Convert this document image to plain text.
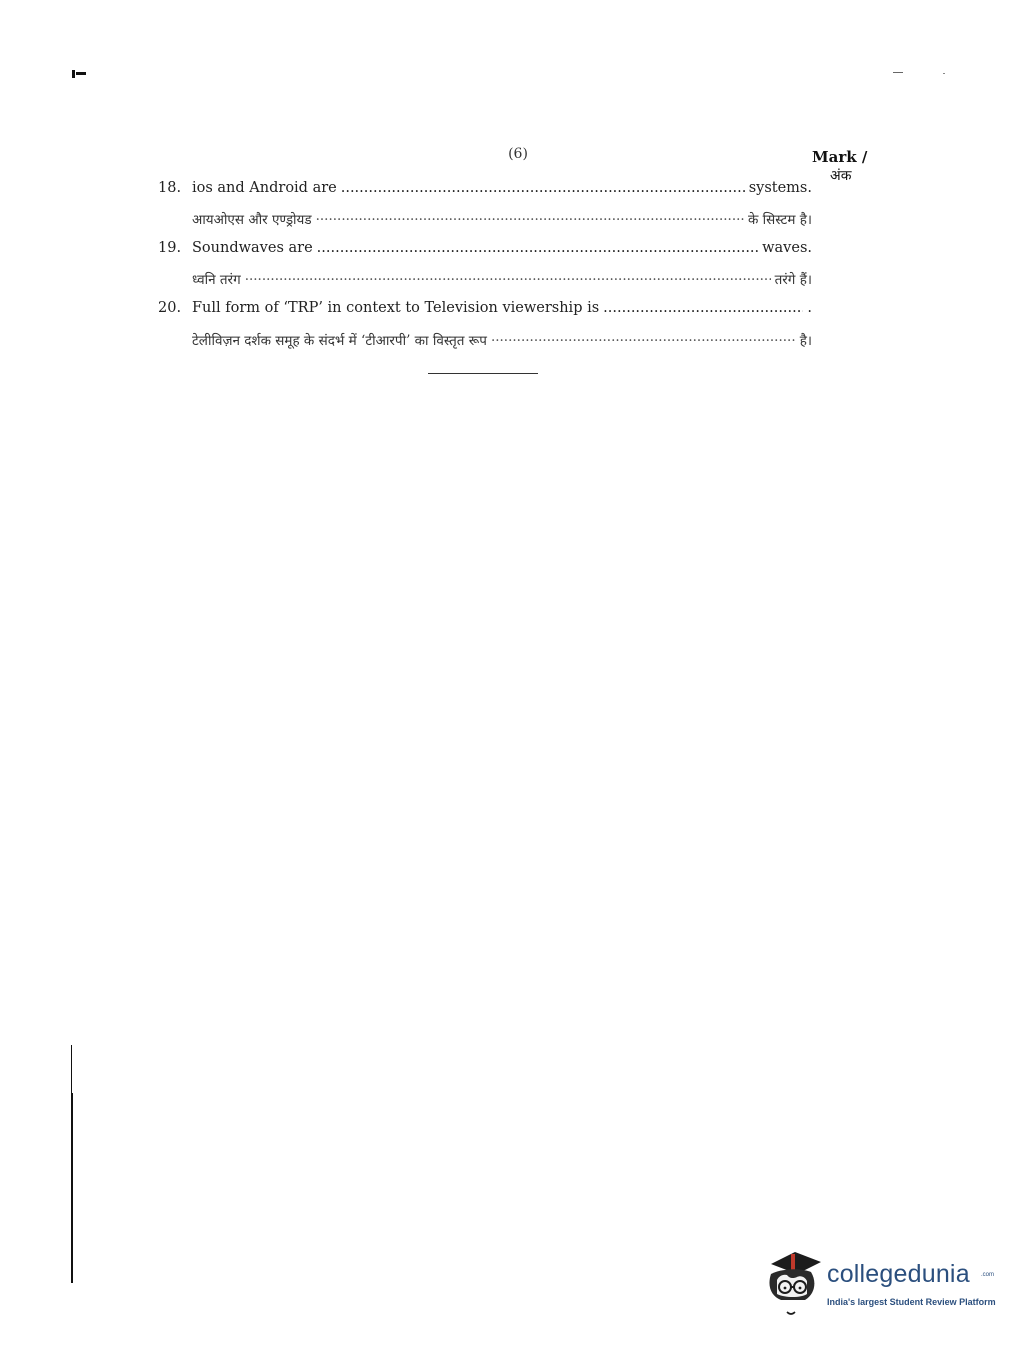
(6)	Mark /
अंक
18. ios and Android are .....	systems.
आयओएस और एण्ड्रोयड ·····	के सिस्टम है।
19. Soundwaves are .....	waves.
ध्वनि तरंग ·····	तरंगे हैं।
20. Full form of ‘TRP’ in context to Television viewership is .....	.
टेलीविज़न दर्शक समूह के संदर्भ में ‘टीआरपी’ का विस्तृत रूप ·····	है।
collegedunia .com
India's largest Student Review Platform
